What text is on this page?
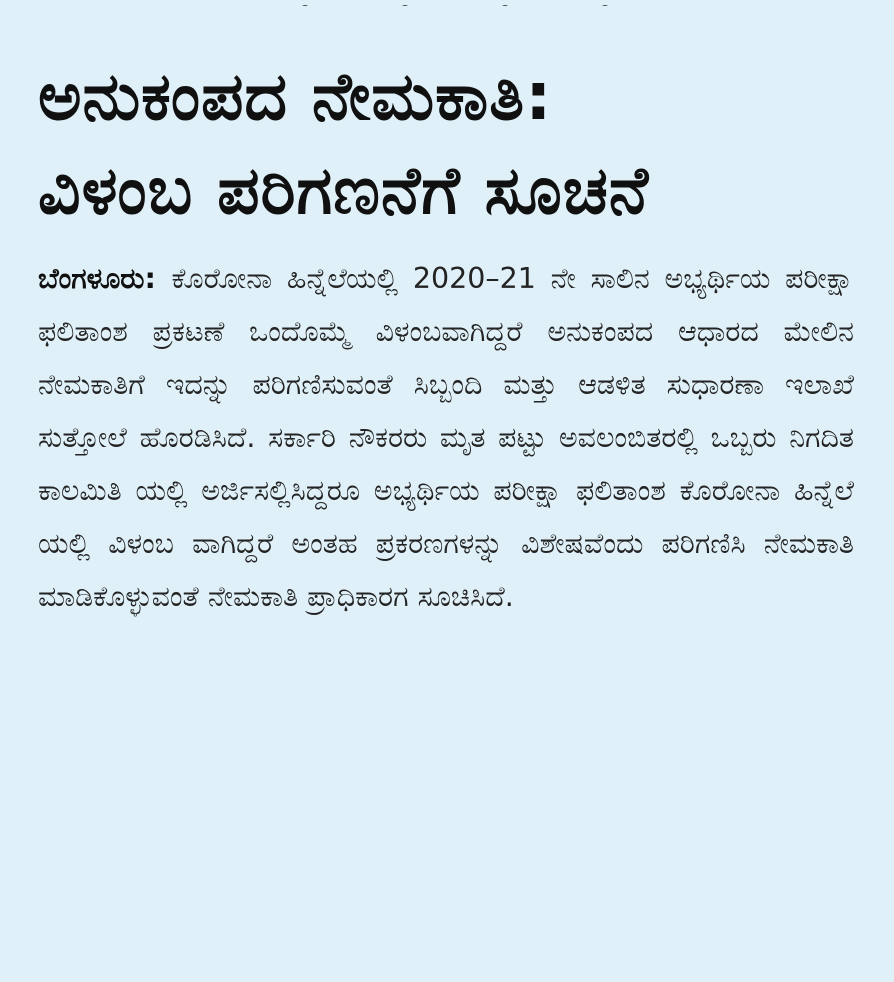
ಅನುಕಂಪದ ನೇಮಕಾತಿ:
ವಿಳಂಬ ಪರಿಗಣನೆಗೆ ಸೂಚನೆ
ಬೆಂಗಳೂರು: ಕೊರೋನಾ ಹಿನ್ನೆಲೆಯಲ್ಲಿ 2020–21 ನೇ ಸಾಲಿನ ಅಭ್ಯರ್ಥಿಯ ಪರೀಕ್ಷಾ ಫಲಿತಾಂಶ ಪ್ರಕಟಣೆ ಒಂದೊಮ್ಮೆ ವಿಳಂಬವಾಗಿದ್ದರೆ ಅನುಕಂಪದ ಆಧಾರದ ಮೇಲಿನ ನೇಮಕಾತಿಗೆ ಇದನ್ನು ಪರಿಗಣಿಸುವಂತೆ ಸಿಬ್ಬಂದಿ ಮತ್ತು ಆಡಳಿತ ಸುಧಾರಣಾ ಇಲಾಖೆ ಸುತ್ತೋಲೆ ಹೊರಡಿಸಿದೆ. ಸರ್ಕಾರಿ ನೌಕರರು ಮೃತ ಪಟ್ಟು ಅವಲಂಬಿತರಲ್ಲಿ ಒಬ್ಬರು ನಿಗದಿತ ಕಾಲಮಿತಿ ಯಲ್ಲಿ ಅರ್ಜಿಸಲ್ಲಿಸಿದ್ದರೂ ಅಭ್ಯರ್ಥಿಯ ಪರೀಕ್ಷಾ ಫಲಿತಾಂಶ ಕೊರೋನಾ ಹಿನ್ನೆಲೆ ಯಲ್ಲಿ ವಿಳಂಬ ವಾಗಿದ್ದರೆ ಅಂತಹ ಪ್ರಕರಣಗಳನ್ನು ವಿಶೇಷವೆಂದು ಪರಿಗಣಿಸಿ ನೇಮಕಾತಿ ಮಾಡಿಕೊಳ್ಳುವಂತೆ ನೇಮಕಾತಿ ಪ್ರಾಧಿಕಾರಗ ಸೂಚಿಸಿದೆ.
